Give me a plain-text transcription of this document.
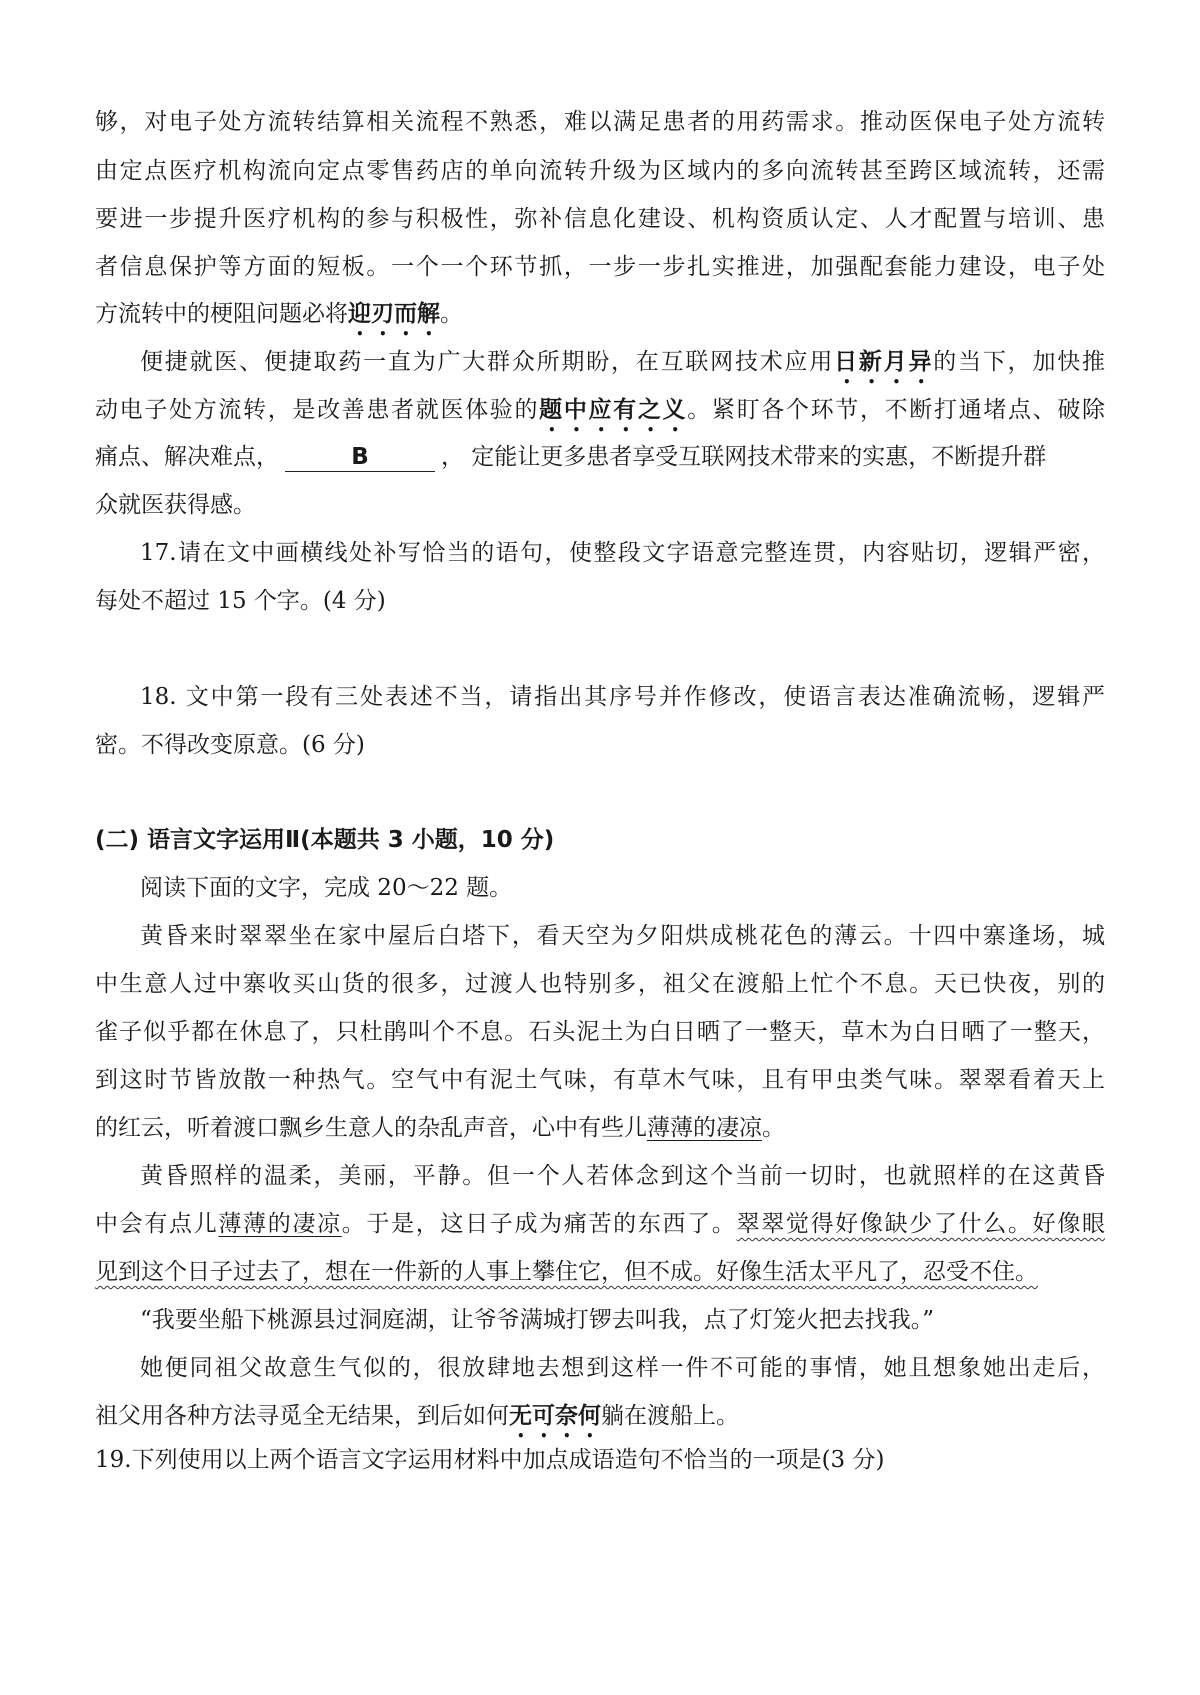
够，对电子处方流转结算相关流程不熟悉，难以满足患者的用药需求。推动医保电子处方流转
由定点医疗机构流向定点零售药店的单向流转升级为区域内的多向流转甚至跨区域流转，还需
要进一步提升医疗机构的参与积极性，弥补信息化建设、机构资质认定、人才配置与培训、患
者信息保护等方面的短板。一个一个环节抓，一步一步扎实推进，加强配套能力建设，电子处
方流转中的梗阻问题必将迎刃而解。
便捷就医、便捷取药一直为广大群众所期盼，在互联网技术应用日新月异的当下，加快推
动电子处方流转，是改善患者就医体验的题中应有之义。紧盯各个环节，不断打通堵点、破除
痛点、解决难点，	B	， 定能让更多患者享受互联网技术带来的实惠，不断提升群
众就医获得感。
17.请在文中画横线处补写恰当的语句，使整段文字语意完整连贯，内容贴切，逻辑严密，
每处不超过 15 个字。(4 分)
18. 文中第一段有三处表述不当，请指出其序号并作修改，使语言表达准确流畅，逻辑严
密。不得改变原意。(6 分)
(二) 语言文字运用Ⅱ(本题共 3 小题，10 分)
阅读下面的文字，完成 20～22 题。
黄昏来时翠翠坐在家中屋后白塔下，看天空为夕阳烘成桃花色的薄云。十四中寨逢场，城
中生意人过中寨收买山货的很多，过渡人也特别多，祖父在渡船上忙个不息。天已快夜，别的
雀子似乎都在休息了，只杜鹃叫个不息。石头泥土为白日晒了一整天，草木为白日晒了一整天，
到这时节皆放散一种热气。空气中有泥土气味，有草木气味，且有甲虫类气味。翠翠看着天上
的红云，听着渡口飘乡生意人的杂乱声音，心中有些儿薄薄的凄凉。
黄昏照样的温柔，美丽，平静。但一个人若体念到这个当前一切时，也就照样的在这黄昏
中会有点儿薄薄的凄凉。于是，这日子成为痛苦的东西了。翠翠觉得好像缺少了什么。好像眼
见到这个日子过去了，想在一件新的人事上攀住它，但不成。好像生活太平凡了，忍受不住。
“我要坐船下桃源县过洞庭湖，让爷爷满城打锣去叫我，点了灯笼火把去找我。”
她便同祖父故意生气似的，很放肆地去想到这样一件不可能的事情，她且想象她出走后，
祖父用各种方法寻觅全无结果，到后如何无可奈何躺在渡船上。
19.下列使用以上两个语言文字运用材料中加点成语造句不恰当的一项是(3 分)
